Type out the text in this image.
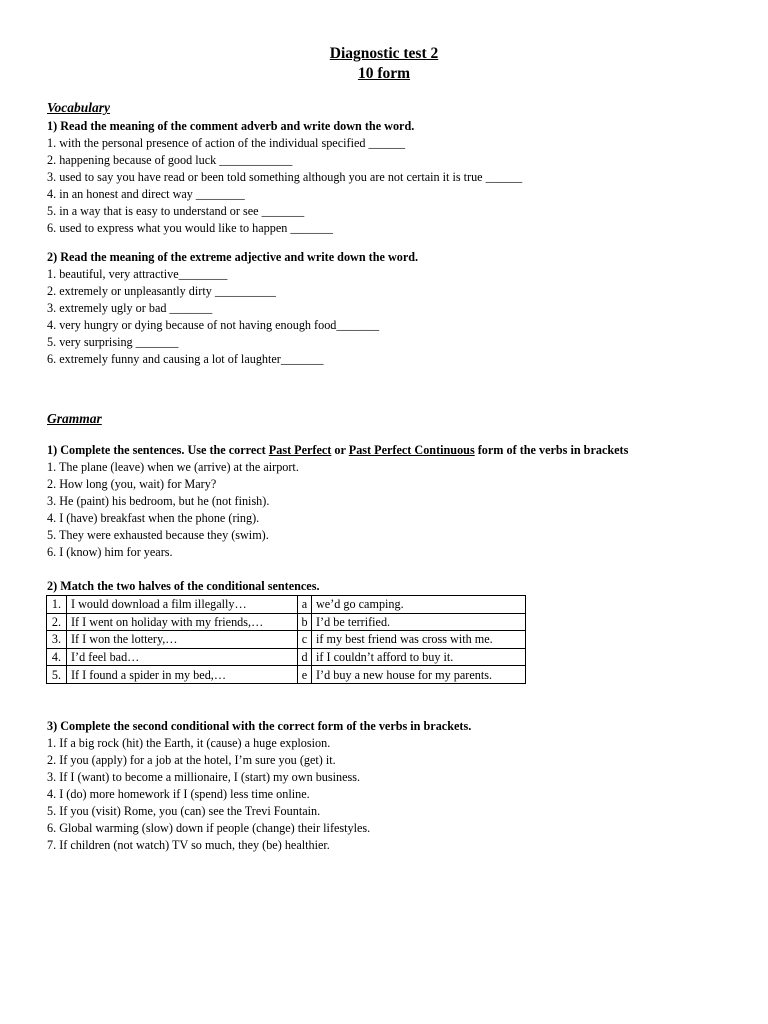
Diagnostic test 2
10 form
Vocabulary
1) Read the meaning of the comment adverb and write down the word.
1. with the personal presence of action of the individual specified ______
2. happening because of good luck ____________
3. used to say you have read or been told something although you are not certain it is true ______
4. in an honest and direct way ________
5. in a way that is easy to understand or see _______
6. used to express what you would like to happen _______
2) Read the meaning of the extreme adjective and write down the word.
1. beautiful, very attractive________
2. extremely or unpleasantly dirty __________
3. extremely ugly or bad _______
4. very hungry or dying because of not having enough food_______
5. very surprising _______
6. extremely funny and causing a lot of laughter_______
Grammar
1) Complete the sentences. Use the correct Past Perfect or Past Perfect Continuous form of the verbs in brackets
1. The plane (leave) when we (arrive) at the airport.
2. How long (you, wait) for Mary?
3. He (paint) his bedroom, but he (not finish).
4. I (have) breakfast when the phone (ring).
5. They were exhausted because they (swim).
6. I (know) him for years.
2) Match the two halves of the conditional sentences.
1.	I would download a film illegally…	a	we’d go camping.
2.	If I went on holiday with my friends,…	b	I’d be terrified.
3.	If I won the lottery,…	c	if my best friend was cross with me.
4.	I’d feel bad…	d	if I couldn’t afford to buy it.
5.	If I found a spider in my bed,…	e	I’d buy a new house for my parents.
3) Complete the second conditional with the correct form of the verbs in brackets.
1. If a big rock (hit) the Earth, it (cause) a huge explosion.
2. If you (apply) for a job at the hotel, I’m sure you (get) it.
3. If I (want) to become a millionaire, I (start) my own business.
4. I (do) more homework if I (spend) less time online.
5. If you (visit) Rome, you (can) see the Trevi Fountain.
6. Global warming (slow) down if people (change) their lifestyles.
7. If children (not watch) TV so much, they (be) healthier.
